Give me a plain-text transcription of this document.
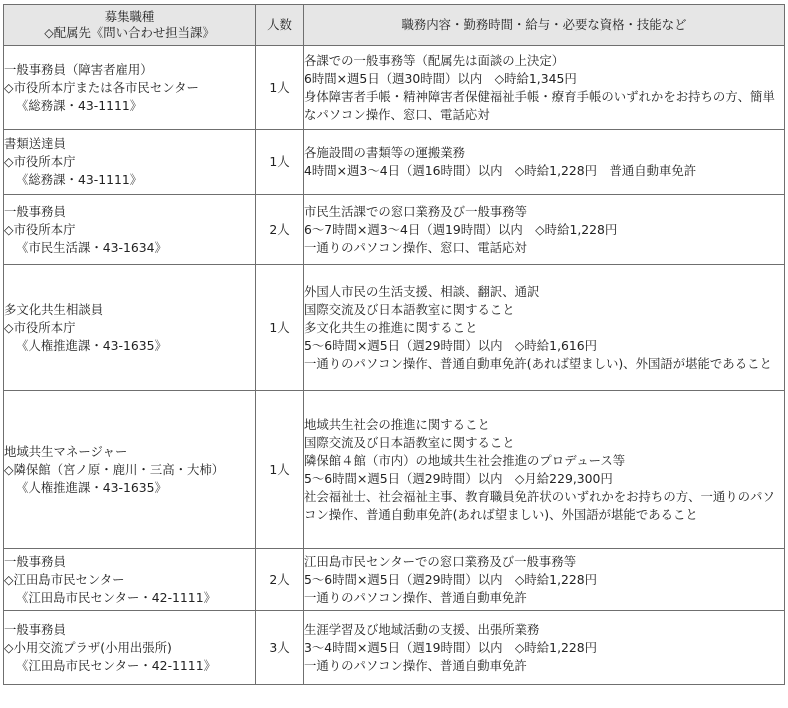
募集職種
◇配属先《問い合わせ担当課》	人数	職務内容・勤務時間・給与・必要な資格・技能など

一般事務員（障害者雇用）
◇市役所本庁または各市民センター
《総務課・43-1111》	1人	各課での一般事務等（配属先は面談の上決定）
6時間×週5日（週30時間）以内　◇時給1,345円
身体障害者手帳・精神障害者保健福祉手帳・療育手帳のいずれかをお持ちの方、簡単なパソコン操作、窓口、電話応対

書類送達員
◇市役所本庁
《総務課・43-1111》	1人	各施設間の書類等の運搬業務
4時間×週3～4日（週16時間）以内　◇時給1,228円　普通自動車免許

一般事務員
◇市役所本庁
《市民生活課・43-1634》	2人	市民生活課での窓口業務及び一般事務等
6～7時間×週3～4日（週19時間）以内　◇時給1,228円
一通りのパソコン操作、窓口、電話応対

多文化共生相談員
◇市役所本庁
《人権推進課・43-1635》	1人	外国人市民の生活支援、相談、翻訳、通訳
国際交流及び日本語教室に関すること
多文化共生の推進に関すること
5～6時間×週5日（週29時間）以内　◇時給1,616円
一通りのパソコン操作、普通自動車免許(あれば望ましい)、外国語が堪能であること

地域共生マネージャー
◇隣保館（宮ノ原・鹿川・三高・大柿）
《人権推進課・43-1635》	1人	地域共生社会の推進に関すること
国際交流及び日本語教室に関すること
隣保館４館（市内）の地域共生社会推進のプロデュース等
5～6時間×週5日（週29時間）以内　◇月給229,300円
社会福祉士、社会福祉主事、教育職員免許状のいずれかをお持ちの方、一通りのパソコン操作、普通自動車免許(あれば望ましい)、外国語が堪能であること

一般事務員
◇江田島市民センター
《江田島市民センター・42-1111》	2人	江田島市民センターでの窓口業務及び一般事務等
5～6時間×週5日（週29時間）以内　◇時給1,228円
一通りのパソコン操作、普通自動車免許

一般事務員
◇小用交流プラザ(小用出張所)
《江田島市民センター・42-1111》	3人	生涯学習及び地域活動の支援、出張所業務
3～4時間×週5日（週19時間）以内　◇時給1,228円
一通りのパソコン操作、普通自動車免許
